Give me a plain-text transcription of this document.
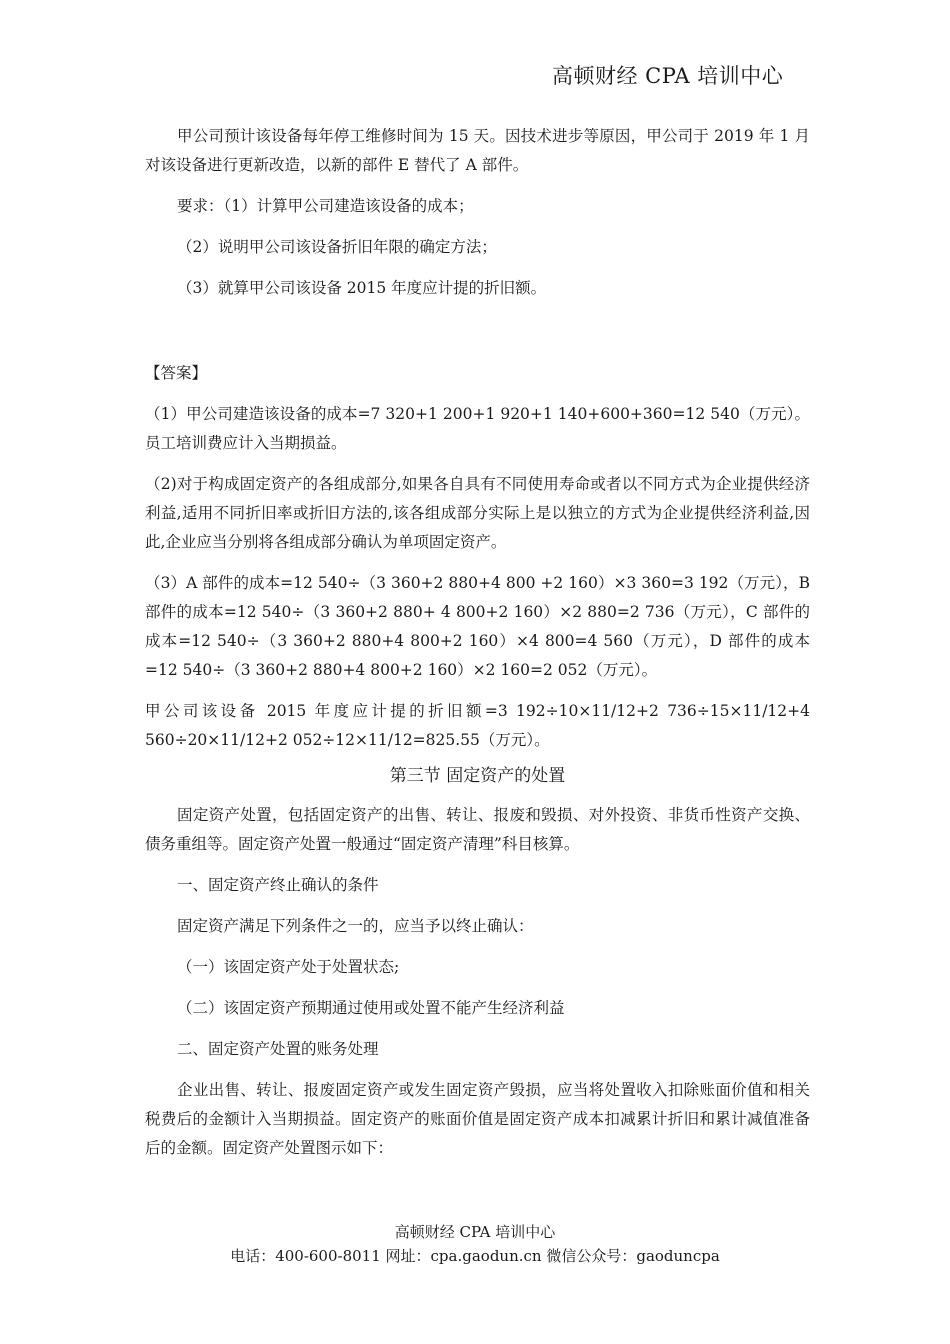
高顿财经 CPA 培训中心

甲公司预计该设备每年停工维修时间为 15 天。因技术进步等原因，甲公司于 2019 年 1 月对该设备进行更新改造，以新的部件 E 替代了 A 部件。

要求：（1）计算甲公司建造该设备的成本；

（2）说明甲公司该设备折旧年限的确定方法；

（3）就算甲公司该设备 2015 年度应计提的折旧额。

【答案】

（1）甲公司建造该设备的成本=7 320+1 200+1 920+1 140+600+360=12 540（万元）。员工培训费应计入当期损益。

（2)对于构成固定资产的各组成部分,如果各自具有不同使用寿命或者以不同方式为企业提供经济利益,适用不同折旧率或折旧方法的,该各组成部分实际上是以独立的方式为企业提供经济利益,因此,企业应当分别将各组成部分确认为单项固定资产。

（3）A 部件的成本=12 540÷（3 360+2 880+4 800 +2 160）×3 360=3 192（万元），B 部件的成本=12 540÷（3 360+2 880+ 4 800+2 160）×2 880=2 736（万元），C 部件的成本=12 540÷（3 360+2 880+4 800+2 160）×4 800=4 560（万元），D 部件的成本=12 540÷（3 360+2 880+4 800+2 160）×2 160=2 052（万元）。

甲公司该设备 2015 年度应计提的折旧额=3 192÷10×11/12+2 736÷15×11/12+4 560÷20×11/12+2 052÷12×11/12=825.55（万元）。

第三节 固定资产的处置

固定资产处置，包括固定资产的出售、转让、报废和毁损、对外投资、非货币性资产交换、债务重组等。固定资产处置一般通过“固定资产清理”科目核算。

一、固定资产终止确认的条件

固定资产满足下列条件之一的，应当予以终止确认：

（一）该固定资产处于处置状态;

（二）该固定资产预期通过使用或处置不能产生经济利益

二、固定资产处置的账务处理

企业出售、转让、报废固定资产或发生固定资产毁损，应当将处置收入扣除账面价值和相关税费后的金额计入当期损益。固定资产的账面价值是固定资产成本扣减累计折旧和累计减值准备后的金额。固定资产处置图示如下：

高顿财经 CPA 培训中心
电话：400-600-8011 网址：cpa.gaodun.cn 微信公众号：gaoduncpa
